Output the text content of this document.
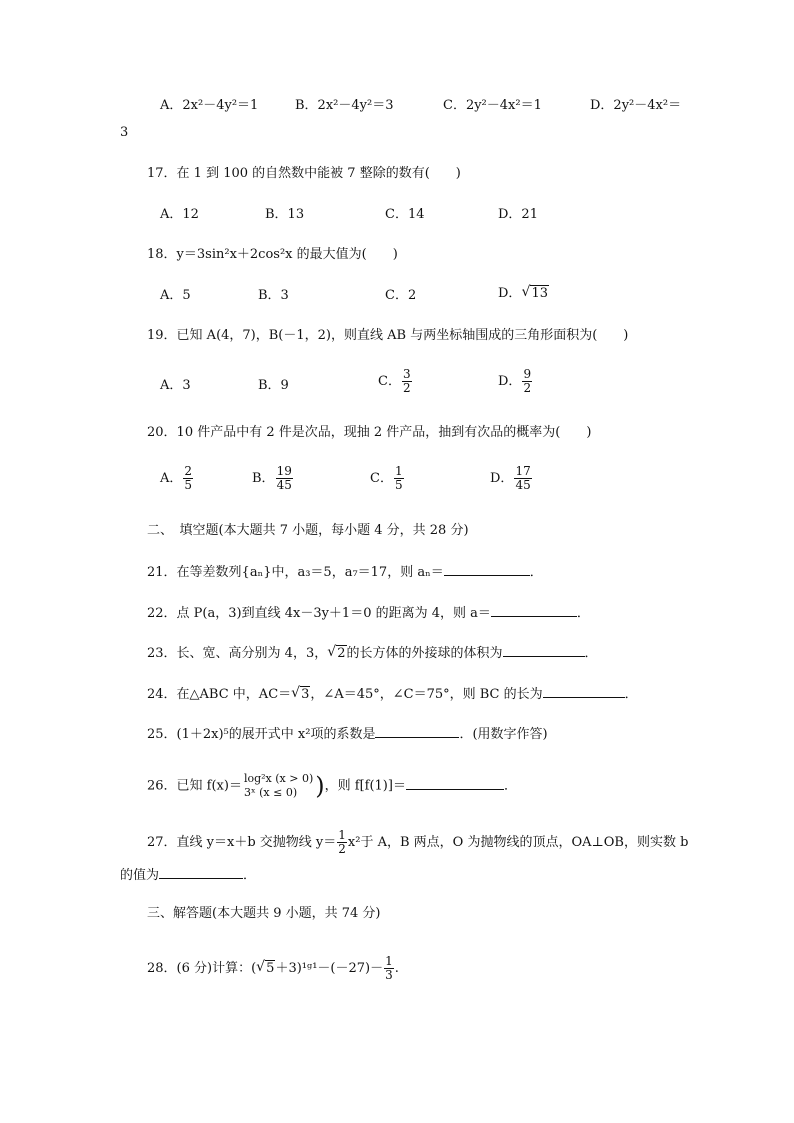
A．2x²－4y²＝1	B．2x²－4y²＝3	C．2y²－4x²＝1	D．2y²－4x²＝
3
17．在 1 到 100 的自然数中能被 7 整除的数有(　　)
A．12	B．13	C．14	D．21
18．y＝3sin²x＋2cos²x 的最大值为(　　)
A．5	B．3	C．2	D． √ 13
19．已知 A(4，7)，B(－1，2)，则直线 AB 与两坐标轴围成的三角形面积为(　　)
A．3	B．9	C． $\frac{3}{2}$	D． $\frac{9}{2}$
20．10 件产品中有 2 件是次品，现抽 2 件产品，抽到有次品的概率为(　　)
A． $\frac{2}{5}$	B． $\frac{19}{45}$	C． $\frac{1}{5}$	D． $\frac{17}{45}$
二、　填空题(本大题共 7 小题，每小题 4 分，共 28 分)
21．在等差数列{aₙ}中，a₃＝5，a₇＝17，则 aₙ＝	．
22．点 P(a，3)到直线 4x－3y＋1＝0 的距离为 4，则 a＝	．
23．长、宽、高分别为 4，3， √ 2的长方体的外接球的体积为	．
24．在△ABC 中，AC＝ √ 3，∠A＝45°，∠C＝75°，则 BC 的长为	．
25．(1＋2x)⁵的展开式中 x²项的系数是	．(用数字作答)
26．已知 f(x)＝ log²x (x > 0)
3ˣ (x ≤ 0) )，则 f[f(1)]＝	．
27．直线 y＝x＋b 交抛物线 $y= \frac{1}{2} x^2$于 A，B 两点，O 为抛物线的顶点，OA⊥OB，则实数 b
的值为	．
三、解答题(本大题共 9 小题，共 74 分)
28．(6 分)计算：( √ 5＋3)¹ᵍ¹－(－27)－ $\frac{1}{3}$ .
